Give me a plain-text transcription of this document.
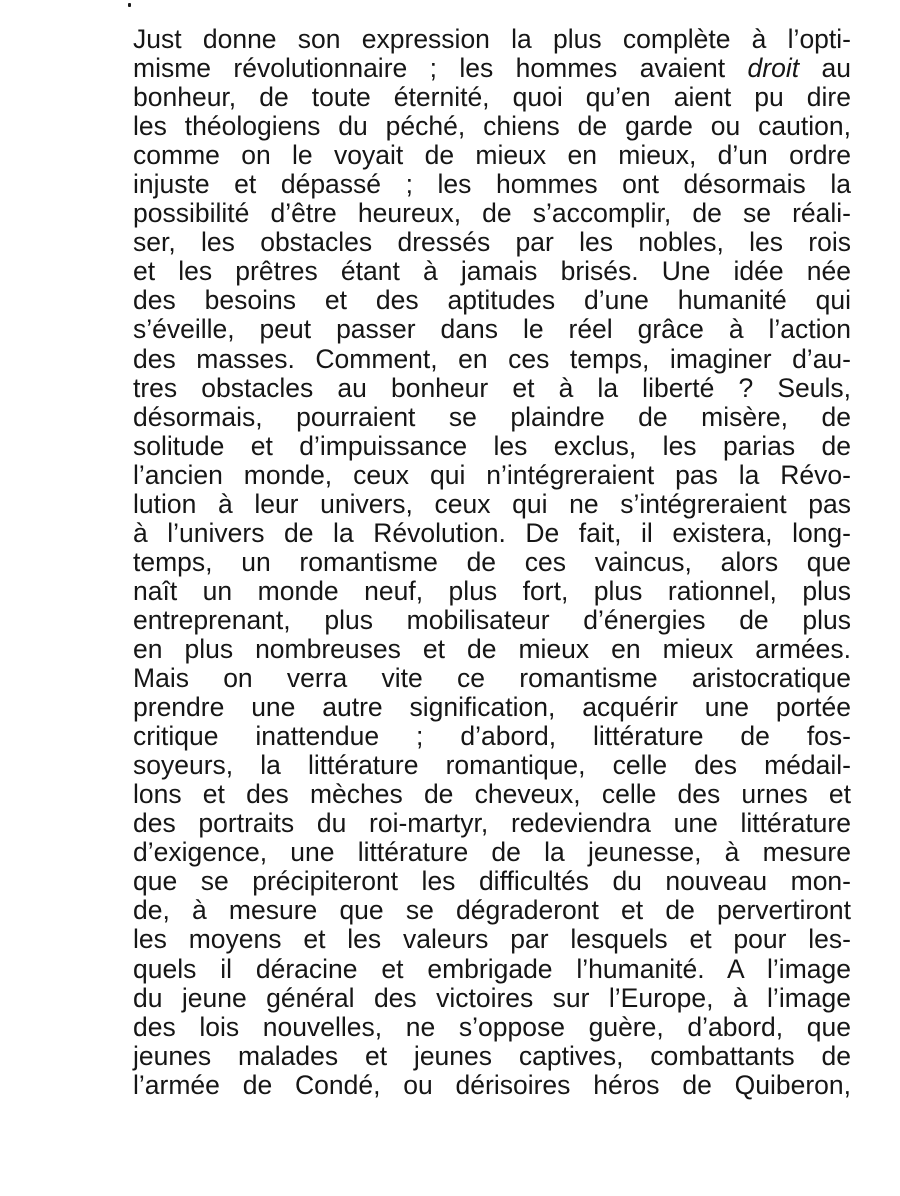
Just donne son expression la plus complète à l’opti-
misme révolutionnaire ; les hommes avaient droit au
bonheur, de toute éternité, quoi qu’en aient pu dire
les théologiens du péché, chiens de garde ou caution,
comme on le voyait de mieux en mieux, d’un ordre
injuste et dépassé ; les hommes ont désormais la
possibilité d’être heureux, de s’accomplir, de se réali-
ser, les obstacles dressés par les nobles, les rois
et les prêtres étant à jamais brisés. Une idée née
des besoins et des aptitudes d’une humanité qui
s’éveille, peut passer dans le réel grâce à l’action
des masses. Comment, en ces temps, imaginer d’au-
tres obstacles au bonheur et à la liberté ? Seuls,
désormais, pourraient se plaindre de misère, de
solitude et d’impuissance les exclus, les parias de
l’ancien monde, ceux qui n’intégreraient pas la Révo-
lution à leur univers, ceux qui ne s’intégreraient pas
à l’univers de la Révolution. De fait, il existera, long-
temps, un romantisme de ces vaincus, alors que
naît un monde neuf, plus fort, plus rationnel, plus
entreprenant, plus mobilisateur d’énergies de plus
en plus nombreuses et de mieux en mieux armées.
Mais on verra vite ce romantisme aristocratique
prendre une autre signification, acquérir une portée
critique inattendue ; d’abord, littérature de fos-
soyeurs, la littérature romantique, celle des médail-
lons et des mèches de cheveux, celle des urnes et
des portraits du roi-martyr, redeviendra une littérature
d’exigence, une littérature de la jeunesse, à mesure
que se précipiteront les difficultés du nouveau mon-
de, à mesure que se dégraderont et de pervertiront
les moyens et les valeurs par lesquels et pour les-
quels il déracine et embrigade l’humanité. A l’image
du jeune général des victoires sur l’Europe, à l’image
des lois nouvelles, ne s’oppose guère, d’abord, que
jeunes malades et jeunes captives, combattants de
l’armée de Condé, ou dérisoires héros de Quiberon,
